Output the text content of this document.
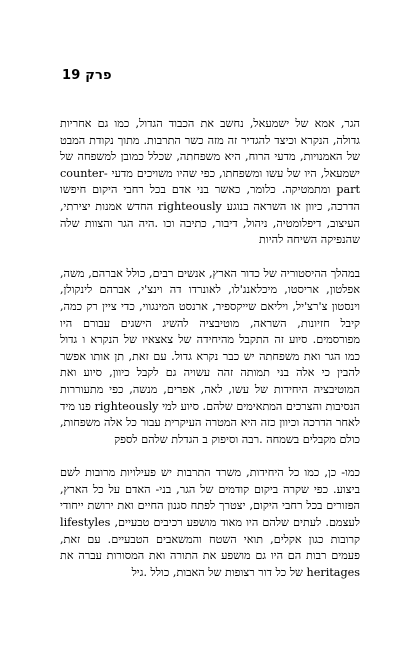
פרק 19

הגר, אמא של ישמעאל, נחשב את הכבוד הגדול, כמו גם אחריות גדולה, הנקרא וכיצד להגדיר זה מזה כשר התרבות. מתוך נקודת המבט של האמנויות, מדעי הרוח, היא משפחתה, שכלל כמובן למשפחה של ישמעאל, היו של עשו ומשפחתו, כפי שהיו משויכים מדעי counter-part ומתמטיקה. כלומר, כאשר בני אדם בכל רחבי היקום חיפשו הדרכה, כיוון או השראה בנוגע righteously החדש אמנות יצירתי, העיצוב, דיפלומטיה, ניהול, דיבור, כתיבה וכו .היה הגר והצוות שלה שהנפיקה השיחה להיות

במהלך ההיסטוריה של כדור הארץ, אנשים רבים, כולל אברהם, משה, אפלטון, אריסטו, מיכלאנג'לו, לאונרדו דה וינצ'י, אברהם לינקולן, וינסטון צ'רצ'יל, ויליאם שייקספיר, ארנסט המינגווי, כדי ציין רק כמה, קיבל חזיונות, השראה, מוטיבציה להשיג הישגים עבורם היו מפורסמים. סיוע זה התקבל מהיחידה של צאצאיו של הנקרא ו גדול כמו הגר ואת משפחתה יש כבר נקרא גדול. עם זאת, תן אותו אפשר להבין כי אלה בני תמותה זהה עשויה גם לקבל כיוון, סיוע ואת המוטיבציה היחידות של עשו, לאה, אפרים, מנשה, כפי מתעוררות הנסיבות והצרכים המתאימים שלהם. סיוע למי righteously פנו מיד לאחר הדרכה וכיוון כזה היא המטרה העיקרית עבור כל אלה משפחות, כולם מקבלים בשמחה .רבה וסיפוק ב הגדלת שלהם לספק

כמו- כן, כמו כל היחידות, משרד התרבות יש פעילויות מרובות לשם ביצוע. כפי שקרה ביקום קודמים של הגר, בני- האדם על כל הארץ, הפזורים בכל רחבי היקום, יצטרך לפתח סגנון החיים ואת ירושת ייחודי לעצמם. לעתים שלהם היו מאוד מושפע רכיבים טבעיים, lifestyles קרובות כגון אקלים, תואי השטח והמשאבים הטבעיים. עם זאת, פעמים רבות הם היו גם מושפע את התורה ואת המסורות עברה את heritages של כל דור רצופות של האבות, כולל .גיל
